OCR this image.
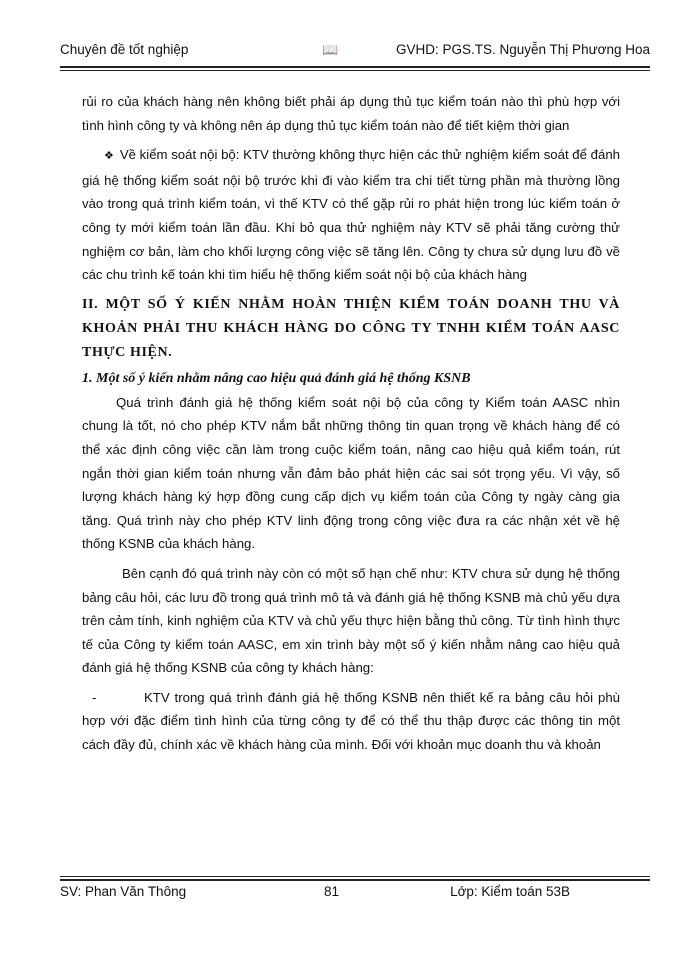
Chuyên đề tốt nghiệp	📖	GVHD: PGS.TS. Nguyễn Thị Phương Hoa

rủi ro của khách hàng nên không biết phải áp dụng thủ tục kiểm toán nào thì phù hợp với tình hình công ty và không nên áp dụng thủ tục kiểm toán nào để tiết kiệm thời gian

❖ Về kiểm soát nội bộ: KTV thường không thực hiện các thử nghiệm kiểm soát để đánh giá hệ thống kiểm soát nội bộ trước khi đi vào kiểm tra chi tiết từng phần mà thường lồng vào trong quá trình kiểm toán, vì thế KTV có thể gặp rủi ro phát hiện trong lúc kiểm toán ở công ty mới kiểm toán lần đầu. Khi bỏ qua thử nghiệm này KTV sẽ phải tăng cường thử nghiệm cơ bản, làm cho khối lượng công việc sẽ tăng lên. Công ty chưa sử dụng lưu đồ về các chu trình kế toán khi tìm hiểu hệ thống kiểm soát nội bộ của khách hàng

II. MỘT SỐ Ý KIẾN NHẰM HOÀN THIỆN KIỂM TOÁN DOANH THU VÀ KHOẢN PHẢI THU KHÁCH HÀNG DO CÔNG TY TNHH KIỂM TOÁN AASC THỰC HIỆN.

1. Một số ý kiến nhằm nâng cao hiệu quả đánh giá hệ thống KSNB

Quá trình đánh giá hệ thống kiểm soát nội bộ của công ty Kiểm toán AASC nhìn chung là tốt, nó cho phép KTV nắm bắt những thông tin quan trọng về khách hàng để có thể xác định công việc cần làm trong cuộc kiểm toán, nâng cao hiệu quả kiểm toán, rút ngắn thời gian kiểm toán nhưng vẫn đảm bảo phát hiện các sai sót trọng yếu. Vì vậy, số lượng khách hàng ký hợp đồng cung cấp dịch vụ kiểm toán của Công ty ngày càng gia tăng. Quá trình này cho phép KTV linh động trong công việc đưa ra các nhận xét về hệ thống KSNB của khách hàng.

Bên cạnh đó quá trình này còn có một số hạn chế như: KTV chưa sử dụng hệ thống bảng câu hỏi, các lưu đồ trong quá trình mô tả và đánh giá hệ thống KSNB mà chủ yếu dựa trên cảm tính, kinh nghiệm của KTV và chủ yếu thực hiện bằng thủ công. Từ tình hình thực tế của Công ty kiểm toán AASC, em xin trình bày một số ý kiến nhằm nâng cao hiệu quả đánh giá hệ thống KSNB của công ty khách hàng:

-	KTV trong quá trình đánh giá hệ thống KSNB nên thiết kế ra bảng câu hỏi phù hợp với đặc điểm tình hình của từng công ty để có thể thu thập được các thông tin một cách đầy đủ, chính xác về khách hàng của mình. Đối với khoản mục doanh thu và khoản

SV: Phan Văn Thông	81	Lớp: Kiểm toán 53B
